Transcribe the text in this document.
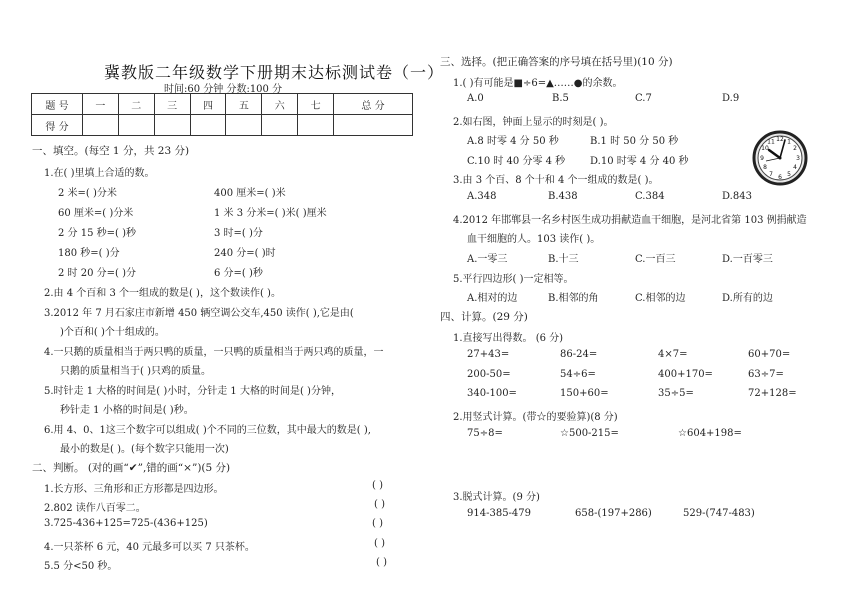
冀教版二年级数学下册期末达标测试卷（一）
时间:60 分钟 分数:100 分
题 号	一	二	三	四	五	六	七	总 分
得 分								
一、填空。(每空 1 分，共 23 分)
1.在( )里填上合适的数。
2 米=( )分米	400 厘米=( )米
60 厘米=( )分米	1 米 3 分米=( )米( )厘米
2 分 15 秒=( )秒	3 时=( )分
180 秒=( )分	240 分=( )时
2 时 20 分=( )分	6 分=( )秒
2.由 4 个百和 3 个一组成的数是( )，这个数读作( )。
3.2012 年 7 月石家庄市新增 450 辆空调公交车,450 读作( ),它是由(
)个百和( )个十组成的。
4.一只鹅的质量相当于两只鸭的质量，一只鸭的质量相当于两只鸡的质量，一
只鹅的质量相当于( )只鸡的质量。
5.时针走 1 大格的时间是( )小时，分针走 1 大格的时间是( )分钟，
秒针走 1 小格的时间是( )秒。
6.用 4、0、1这三个数字可以组成( )个不同的三位数，其中最大的数是( ),
最小的数是( )。(每个数字只能用一次)
二、判断。 (对的画“✔”,错的画“×”)(5 分)
1.长方形、三角形和正方形都是四边形。	( )
2.802 读作八百零二。	( )
3.725-436+125=725-(436+125)	( )
4.一只茶杯 6 元，40 元最多可以买 7 只茶杯。	( )
5.5 分<50 秒。	( )
三、选择。(把正确答案的序号填在括号里)(10 分)
1.( )有可能是■÷6=▲……●的余数。
A.0	B.5	C.7	D.9
2.如右图，钟面上显示的时刻是( )。
A.8 时零 4 分 50 秒	B.1 时 50 分 50 秒
C.10 时 40 分零 4 秒 D.10 时零 4 分 40 秒
12 1
2
3
4
5
6
7
8
9
10
11
3.由 3 个百、8 个十和 4 个一组成的数是( )。
A.348	B.438	C.384	D.843
4.2012 年邯郸县一名乡村医生成功捐献造血干细胞，是河北省第 103 例捐献造
血干细胞的人。103 读作( )。
A.一零三	B.十三	C.一百三	D.一百零三
5.平行四边形( )一定相等。
A.相对的边	B.相邻的角	C.相邻的边	D.所有的边
四、计算。(29 分)
1.直接写出得数。 (6 分)
27+43=	86-24=	4×7=	60+70=
200-50=	54÷6=	400+170=	63÷7=
340-100=	150+60=	35÷5=	72+128=
2.用竖式计算。(带☆的要验算)(8 分)
75÷8=	☆500-215=	☆604+198=
3.脱式计算。(9 分)
914-385-479	658-(197+286)	529-(747-483)
